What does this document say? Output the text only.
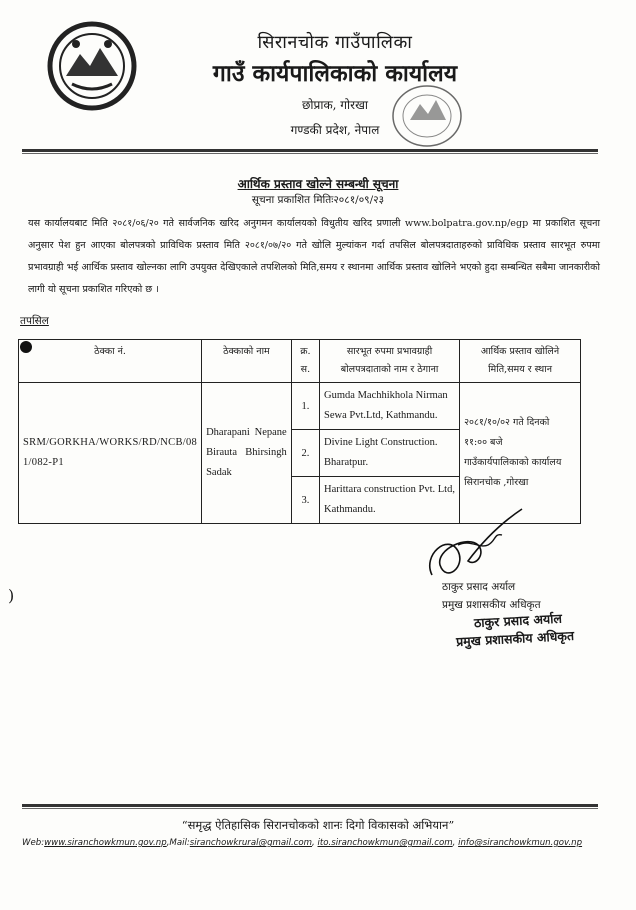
सिरानचोक गाउँपालिका
गाउँ कार्यपालिकाको कार्यालय
छोप्राक, गोरखा
गण्डकी प्रदेश, नेपाल
आर्थिक प्रस्ताव खोल्ने सम्बन्धी सूचना
सूचना प्रकाशित मितिः२०८१/०९/२३
यस कार्यालयबाट मिति २०८१/०६/२० गते सार्वजनिक खरिद अनुगमन कार्यालयको विधुतीय खरिद प्रणाली www.bolpatra.gov.np/egp मा प्रकाशित सूचना अनुसार पेश हुन आएका बोलपत्रको प्राविधिक प्रस्ताव मिति २०८१/०७/२० गते खोलि मुल्यांकन गर्दा तपसिल बोलपत्रदाताहरुको प्राविधिक प्रस्ताव सारभूत रुपमा प्रभावग्राही भई आर्थिक प्रस्ताव खोल्नका लागि उपयुक्त देखिएकाले तपशिलको मिति,समय र स्थानमा आर्थिक प्रस्ताव खोलिने भएको हुदा सम्बन्धित सबैमा जानकारीको लागी यो सूचना प्रकाशित गरिएको छ ।
तपसिल
ठेक्का नं.	ठेक्काको नाम	क्र. स.	सारभूत रुपमा प्रभावग्राही बोलपत्रदाताको नाम र ठेगाना	आर्थिक प्रस्ताव खोलिने मिति,समय र स्थान
SRM/GORKHA/WORKS/RD/NCB/08 1/082-P1	Dharapani Nepane Birauta Bhirsingh Sadak	1.	Gumda Machhikhola Nirman Sewa Pvt.Ltd, Kathmandu.	२०८१/१०/०२ गते दिनको
११:०० बजे
गाउँकार्यपालिकाको कार्यालय
सिरानचोक ,गोरखा

		2.	Divine Light Construction. Bharatpur.	
		3.	Harittara construction Pvt. Ltd, Kathmandu.	
ठाकुर प्रसाद अर्याल
प्रमुख प्रशासकीय अधिकृत
ठाकुर प्रसाद अर्याल
प्रमुख प्रशासकीय अधिकृत
)
“समृद्ध ऐतिहासिक सिरानचोकको शानः दिगो विकासको अभियान”
Web:www.siranchowkmun.gov.np,Mail:siranchowkrural@gmail.com, ito.siranchowkmun@gmail.com, info@siranchowkmun.gov.np
